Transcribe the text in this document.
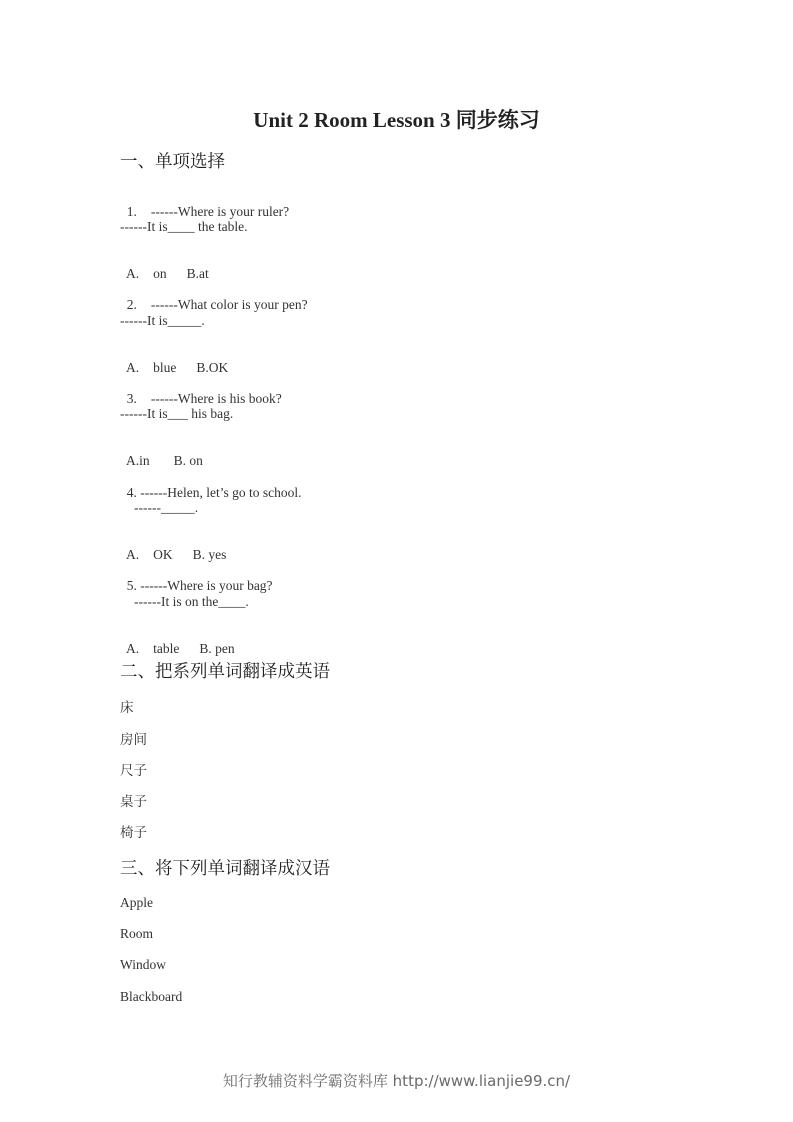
Unit 2 Room Lesson 3 同步练习
一、单项选择

1. ------Where is your ruler?

------It is____ the table.

A. on B.at

2. ------What color is your pen?

------It is_____.

A. blue B.OK

3. ------Where is his book?

------It is___ his bag.

A.in B. on

4. ------Helen, let’s go to school.

------_____.

A. OK B. yes

5. ------Where is your bag?

------It is on the____.

A. table B. pen

二、把系列单词翻译成英语
床
房间
尺子
桌子
椅子
三、将下列单词翻译成汉语
Apple
Room
Window
Blackboard
知行教辅资料学霸资料库 http://www.lianjie99.cn/
